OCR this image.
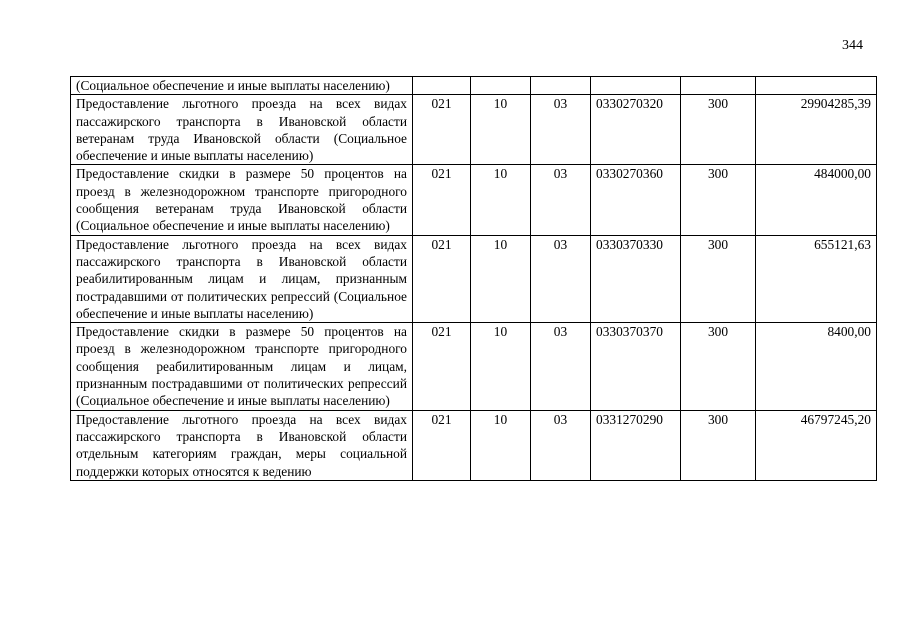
344
(Социальное обеспечение и иные выплаты населению)						
Предоставление льготного проезда на всех видах пассажирского транспорта в Ивановской области ветеранам труда Ивановской области (Социальное обеспечение и иные выплаты населению)	021	10	03	0330270320	300	29904285,39
Предоставление скидки в размере 50 процентов на проезд в железнодорожном транспорте пригородного сообщения ветеранам труда Ивановской области (Социальное обеспечение и иные выплаты населению)	021	10	03	0330270360	300	484000,00
Предоставление льготного проезда на всех видах пассажирского транспорта в Ивановской области реабилитированным лицам и лицам, признанным пострадавшими от политических репрессий (Социальное обеспечение и иные выплаты населению)	021	10	03	0330370330	300	655121,63
Предоставление скидки в размере 50 процентов на проезд в железнодорожном транспорте пригородного сообщения реабилитированным лицам и лицам, признанным пострадавшими от политических репрессий (Социальное обеспечение и иные выплаты населению)	021	10	03	0330370370	300	8400,00

Предоставление льготного проезда на всех видах пассажирского транспорта в Ивановской области отдельным категориям граждан, меры социальной поддержки которых относятся к ведению	021	10	03	0331270290	300	46797245,20
